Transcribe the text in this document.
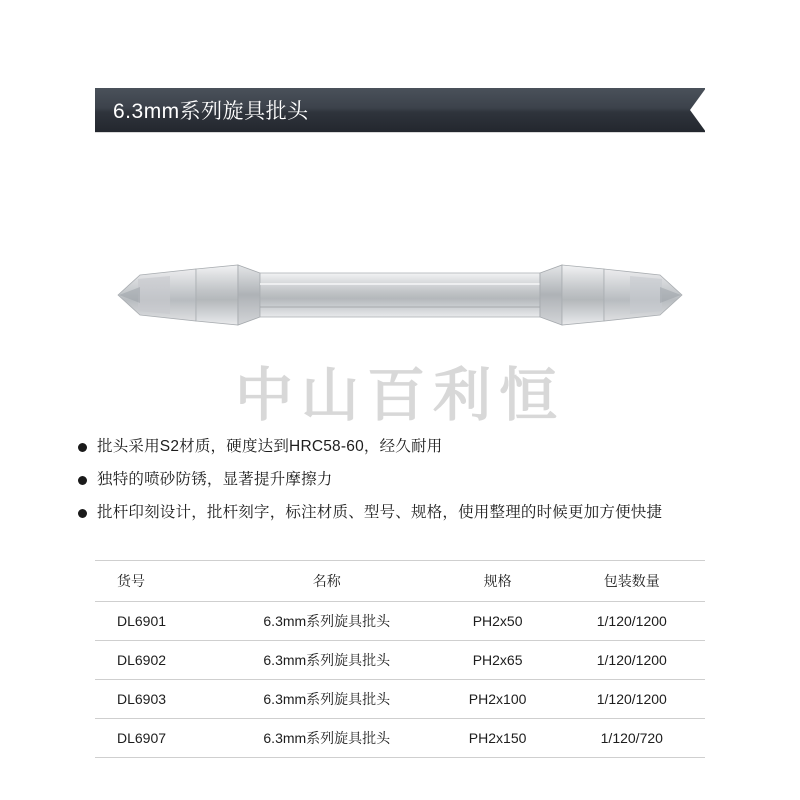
6.3mm系列旋具批头
中山百利恒
批头采用S2材质，硬度达到HRC58-60，经久耐用
独特的喷砂防锈，显著提升摩擦力
批杆印刻设计，批杆刻字，标注材质、型号、规格，使用整理的时候更加方便快捷
货号	名称	规格	包装数量
DL6901	6.3mm系列旋具批头	PH2x50	1/120/1200
DL6902	6.3mm系列旋具批头	PH2x65	1/120/1200
DL6903	6.3mm系列旋具批头	PH2x100	1/120/1200
DL6907	6.3mm系列旋具批头	PH2x150	1/120/720
